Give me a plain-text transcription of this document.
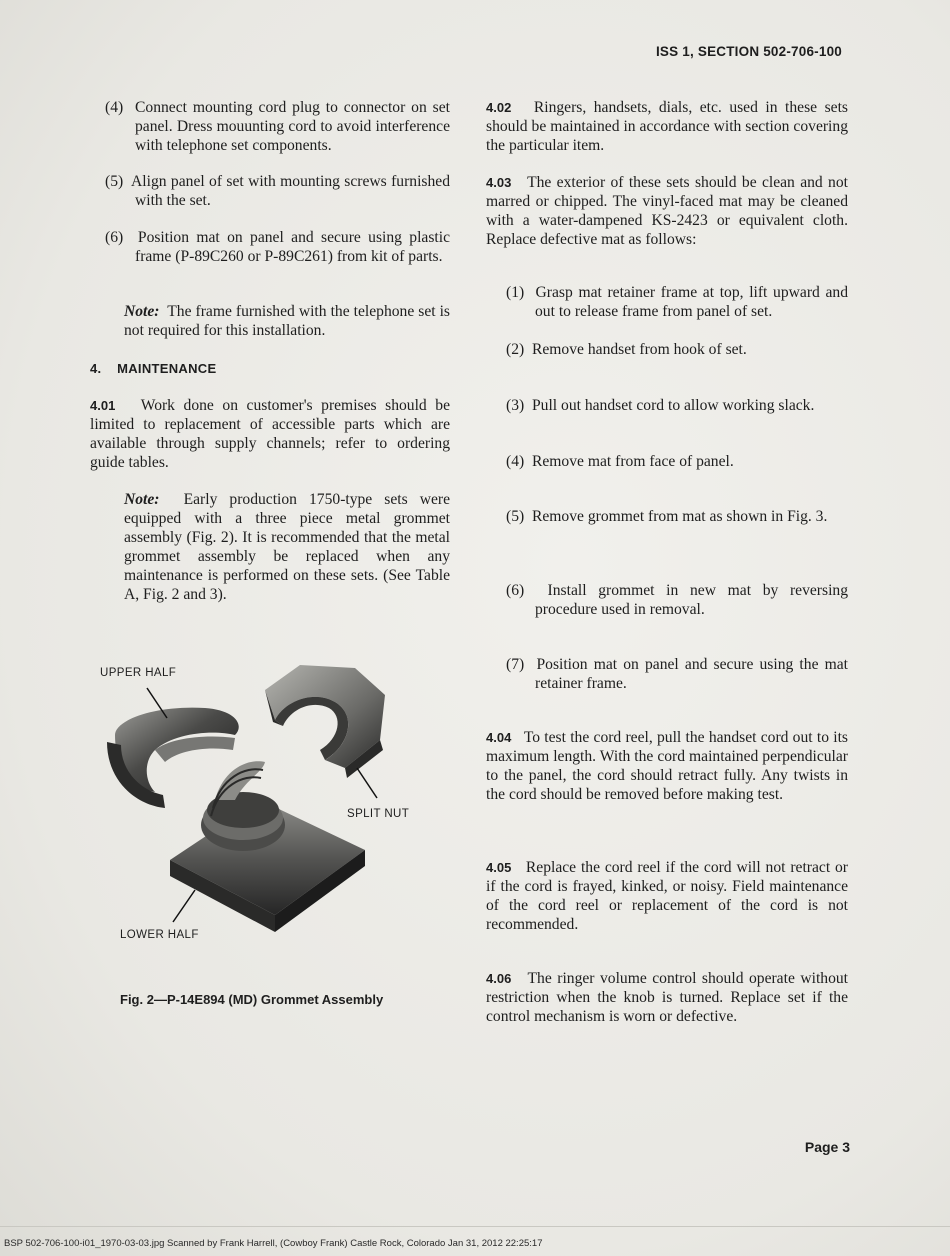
ISS 1, SECTION 502-706-100

(4) Connect mounting cord plug to connector on set panel. Dress mouunting cord to avoid interference with telephone set components.

(5) Align panel of set with mounting screws furnished with the set.

(6) Position mat on panel and secure using plastic frame (P-89C260 or P-89C261) from kit of parts.

Note: The frame furnished with the telephone set is not required for this installation.

4. MAINTENANCE

4.01 Work done on customer's premises should be limited to replacement of accessible parts which are available through supply channels; refer to ordering guide tables.

Note: Early production 1750-type sets were equipped with a three piece metal grommet assembly (Fig. 2). It is recommended that the metal grommet assembly be replaced when any maintenance is performed on these sets. (See Table A, Fig. 2 and 3).

UPPER HALF
SPLIT NUT
LOWER HALF
Fig. 2—P-14E894 (MD) Grommet Assembly

4.02 Ringers, handsets, dials, etc. used in these sets should be maintained in accordance with section covering the particular item.

4.03 The exterior of these sets should be clean and not marred or chipped. The vinyl-faced mat may be cleaned with a water-dampened KS-2423 or equivalent cloth. Replace defective mat as follows:

(1) Grasp mat retainer frame at top, lift upward and out to release frame from panel of set.

(2) Remove handset from hook of set.

(3) Pull out handset cord to allow working slack.

(4) Remove mat from face of panel.

(5) Remove grommet from mat as shown in Fig. 3.

(6) Install grommet in new mat by reversing procedure used in removal.

(7) Position mat on panel and secure using the mat retainer frame.

4.04 To test the cord reel, pull the handset cord out to its maximum length. With the cord maintained perpendicular to the panel, the cord should retract fully. Any twists in the cord should be removed before making test.

4.05 Replace the cord reel if the cord will not retract or if the cord is frayed, kinked, or noisy. Field maintenance of the cord reel or replacement of the cord is not recommended.

4.06 The ringer volume control should operate without restriction when the knob is turned. Replace set if the control mechanism is worn or defective.

Page 3
BSP 502-706-100-i01_1970-03-03.jpg Scanned by Frank Harrell, (Cowboy Frank) Castle Rock, Colorado Jan 31, 2012 22:25:17
